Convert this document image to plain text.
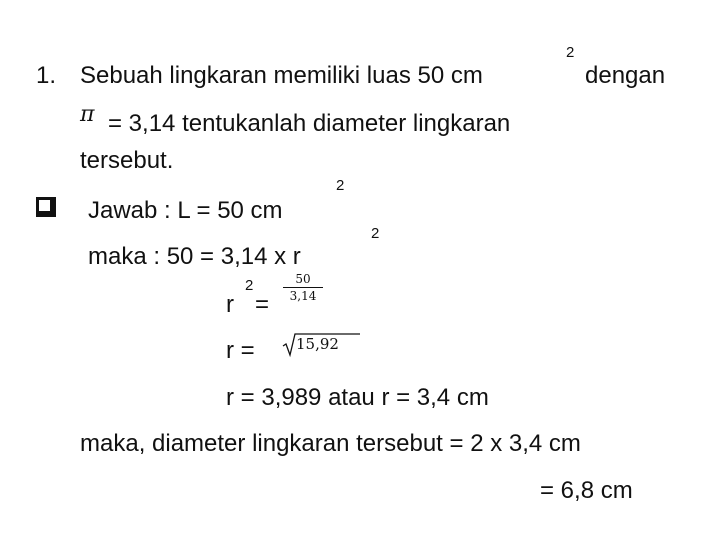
1. Sebuah lingkaran memiliki luas 50 cm
2
dengan
π = 3,14 tentukanlah diameter lingkaran
tersebut.
Jawab : L = 50 cm
2
maka : 50 = 3,14 x r
2
2
r =
50
3,14
r =	15,92
r = 3,989 atau r = 3,4 cm
maka, diameter lingkaran tersebut = 2 x 3,4 cm
= 6,8 cm
